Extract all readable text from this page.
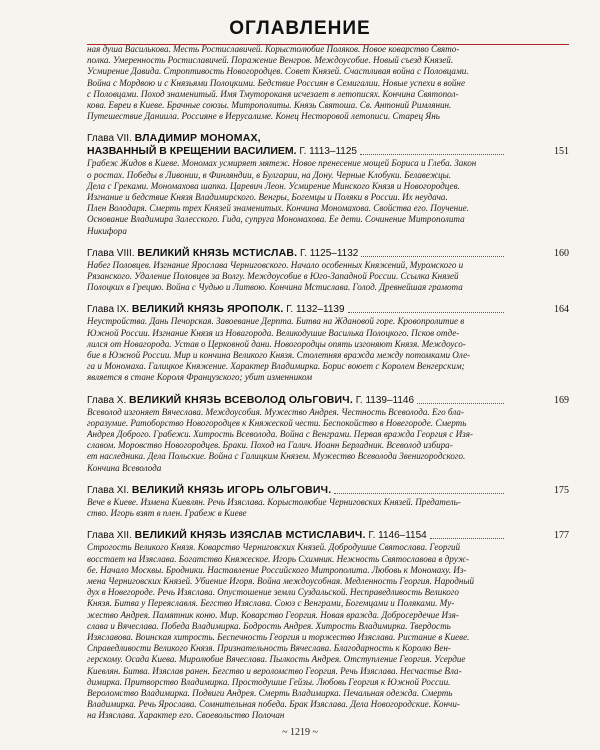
ОГЛАВЛЕНИЕ
ная душа Васильковa. Месть Ростиславичей. Корыстолюбие Поляков. Новое коварство Свято-
полка. Умеренность Ростиславичей. Поражение Венгров. Междоусобие. Новый съезд Князей.
Усмирение Давида. Строптивость Новогородцев. Совет Князей. Счастливая война с Половцами.
Война с Мордвою и с Князьями Полоцкими. Бедствие Россиян в Семигалии. Новые успехи в войне
с Половцами. Поход знаменитый. Имя Тмутороканя исчезает в летописях. Кончина Святопол-
кова. Евреи в Киеве. Брачные союзы. Митрополиты. Князь Святоша. Св. Антоний Римлянин.
Путешествие Даниила. Россияне в Иерусалиме. Конец Несторовой летописи. Старец Янь
Глава VII. ВЛАДИМИР МОНОМАХ,
НАЗВАННЫЙ В КРЕЩЕНИИ ВАСИЛИЕМ. Г. 1113–1125	151
Грабеж Жидов в Киеве. Мономах усмиряет мятеж. Новое пренесение мощей Бориса и Глеба. Закон
о ростах. Победы в Ливонии, в Финляндии, в Булгарии, на Дону. Черные Клобуки. Белавежцы.
Дела с Греками. Мономахова шапка. Царевич Леон. Усмирение Минского Князя и Новогородцев.
Изгнание и бедствие Князя Владимирского. Венгры, Богемцы и Поляки в России. Их неудача.
Плен Володаря. Смерть трех Князей знаменитых. Кончина Мономахова. Свойства его. Поучение.
Основание Владимира Залесского. Гида, супруга Мономахова. Ее дети. Сочинение Митрополита
Никифора
Глава VIII. ВЕЛИКИЙ КНЯЗЬ МСТИСЛАВ. Г. 1125–1132	160
Набег Половцев. Изгнание Ярослава Черниговского. Начало особенных Княжений, Муромского и
Рязанского. Удаление Половцев за Волгу. Междоусобие в Юго-Западной России. Ссылка Князей
Полоцких в Грецию. Война с Чудью и Литвою. Кончина Мстислава. Голод. Древнейшая грамота
Глава IX. ВЕЛИКИЙ КНЯЗЬ ЯРОПОЛК. Г. 1132–1139	164
Неустройства. Дань Печорская. Завоевание Дерпта. Битва на Ждановой горе. Кровопролитие в
Южной России. Изгнание Князя из Новагорода. Великодушие Василька Полоцкого. Псков отде-
лился от Новагорода. Устав о Церковной дани. Новогородцы опять изгоняют Князя. Междоусо-
бие в Южной России. Мир и кончина Великого Князя. Столетняя вражда между потомками Оле-
га и Мономаха. Галицкое Княжение. Характер Владимирка. Борис воюет с Королем Венгерским;
является в стане Короля Французского; убит изменником
Глава X. ВЕЛИКИЙ КНЯЗЬ ВСЕВОЛОД ОЛЬГОВИЧ. Г. 1139–1146	169
Всеволод изгоняет Вячеслава. Междоусобия. Мужество Андрея. Честность Всеволода. Его бла-
горазумие. Ратоборство Новогородцев к Княжеской чести. Беспокойство в Новегороде. Смерть
Андрея Доброго. Грабежи. Хитрость Всеволода. Война с Венграми. Первая вражда Георгия с Изя-
славом. Моровство Новогородцев. Браки. Поход на Галич. Иоанн Берладник. Всеволод избира-
ет наследника. Дела Польские. Война с Галицким Князем. Мужество Всеволода Звенигородского.
Кончина Всеволода
Глава XI. ВЕЛИКИЙ КНЯЗЬ ИГОРЬ ОЛЬГОВИЧ.	175
Вече в Киеве. Измена Киевлян. Речь Изяслава. Корыстолюбие Черниговских Князей. Предатель-
ство. Игорь взят в плен. Грабеж в Киеве
Глава XII. ВЕЛИКИЙ КНЯЗЬ ИЗЯСЛАВ МСТИСЛАВИЧ. Г. 1146–1154	177
Строгость Великого Князя. Коварство Черниговских Князей. Добродушие Святослава. Георгий
восстает на Изяслава. Богатство Княжеское. Игорь Схимник. Нежность Святославова в друж-
бе. Начало Москвы. Бродники. Наставление Российского Митрополита. Любовь к Мономаху. Из-
мена Черниговских Князей. Убиение Игоря. Война междоусобная. Медленность Георгия. Народный
дух в Новегороде. Речь Изяслава. Опустошение земли Суздальской. Несправедливость Великого
Князя. Битва у Переяславля. Бегство Изяслава. Союз с Венграми, Богемцами и Поляками. Му-
жество Андрея. Памятник коню. Мир. Коварство Георгия. Новая вражда. Добросердечие Изя-
слава и Вячеслава. Победа Владимирка. Бодрость Андрея. Хитрость Владимирка. Твердость
Изяславова. Воинская хитрость. Беспечность Георгия и торжество Изяслава. Ристание в Киеве.
Справедливости Великого Князя. Признательность Вячеслава. Благодарность к Королю Вен-
герскому. Осада Киева. Миролюбие Вячеслава. Пылкость Андрея. Отступление Георгия. Усердие
Киевлян. Битва. Изяслав ранен. Бегство и вероломство Георгия. Речь Изяслава. Несчастье Вла-
димирка. Притворство Владимирка. Простодушие Гейзы. Любовь Георгия к Южной России.
Вероломство Владимирка. Подвиги Андрея. Смерть Владимирка. Печальная одежда. Смерть
Владимирка. Речь Ярослава. Сомнительная победа. Брак Изяслава. Дела Новогородские. Кончи-
на Изяслава. Характер его. Своевольство Полочан
~ 1219 ~
